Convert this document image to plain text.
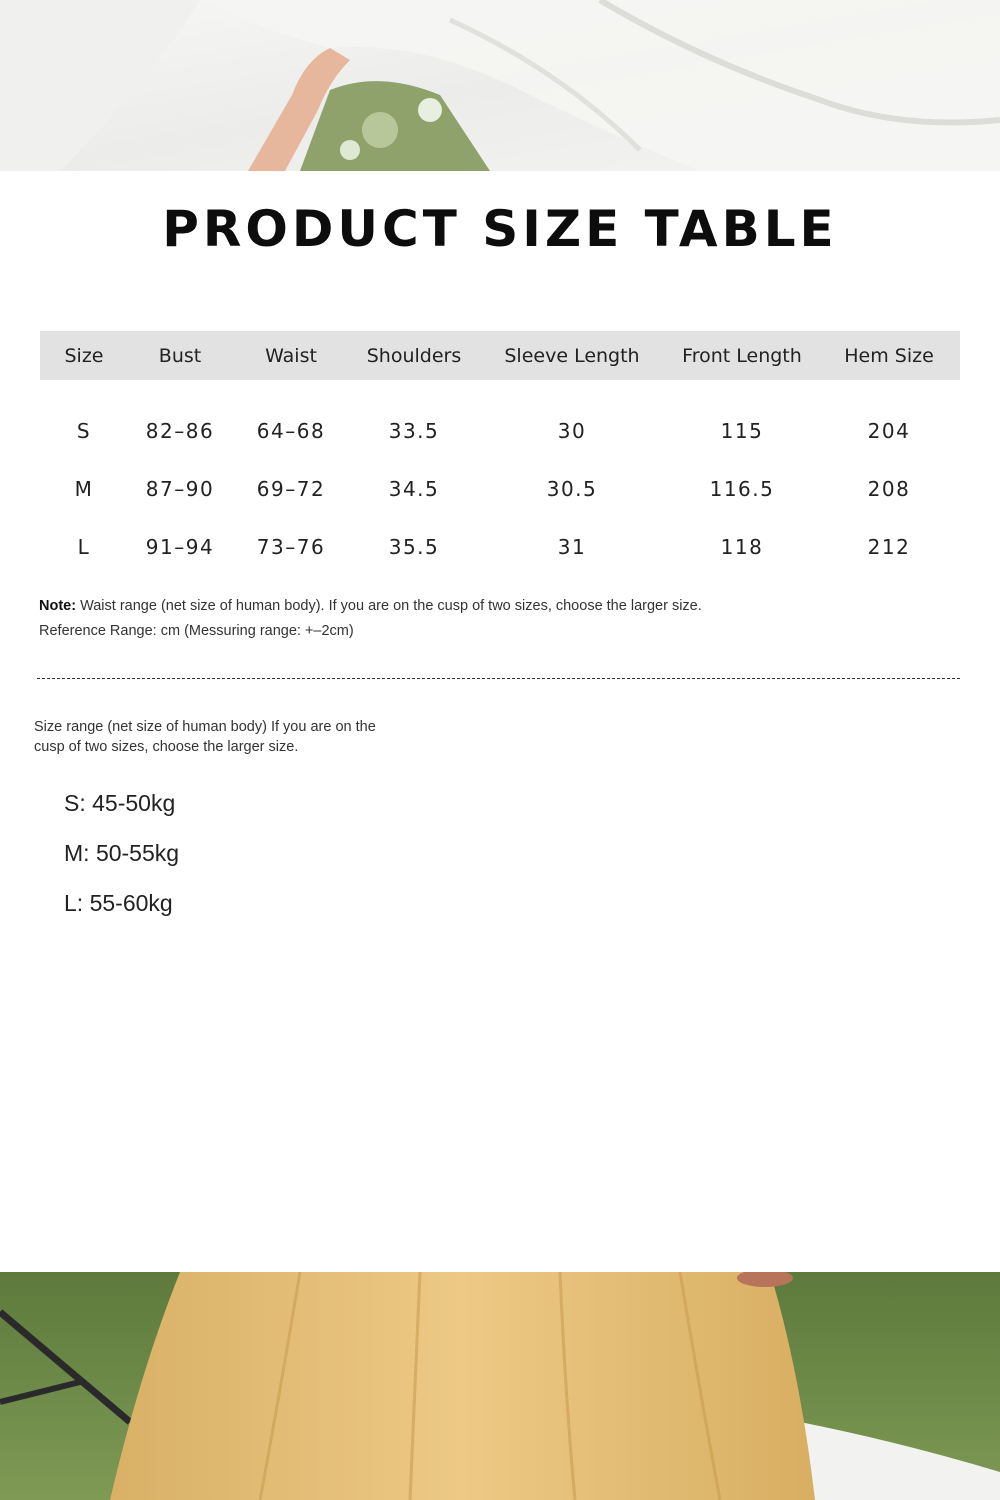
PRODUCT SIZE TABLE
Size	Bust	Waist	Shoulders	Sleeve Length	Front Length	Hem Size

S	82–86	64–68	33.5	30	115	204
M	87–90	69–72	34.5	30.5	116.5	208
L	91–94	73–76	35.5	31	118	212
Note: Waist range (net size of human body). If you are on the cusp of two sizes, choose the larger size.
Reference Range: cm (Messuring range: +–2cm)
Size range (net size of human body) If you are on the cusp of two sizes, choose the larger size.
S: 45-50kg
M: 50-55kg
L: 55-60kg
